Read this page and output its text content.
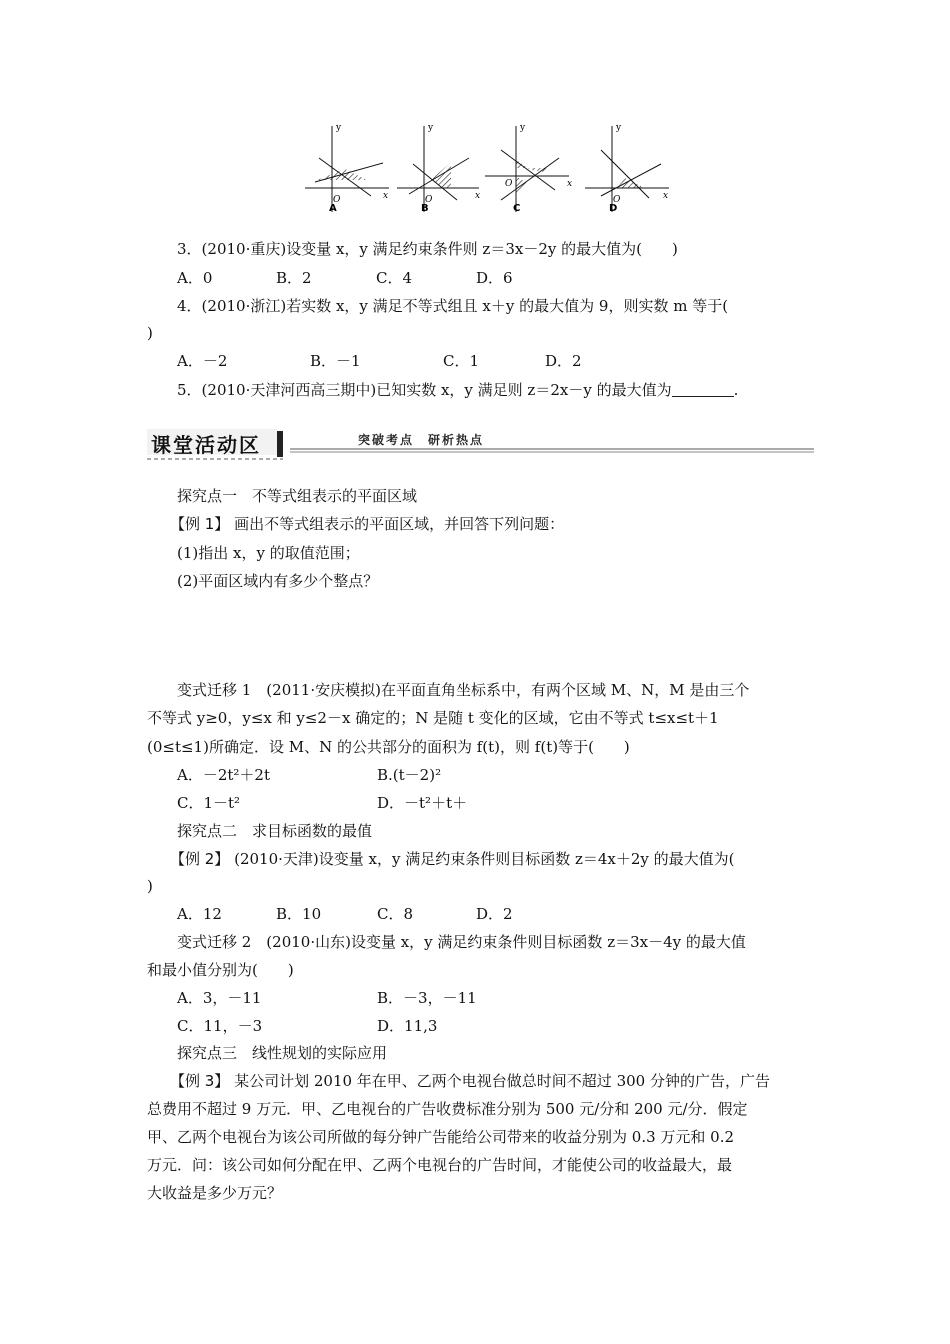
y
x
O
y
x
O
y
x
O
y
x
O
A	B	C	D
3．(2010·重庆)设变量 x，y 满足约束条件则 z＝3x－2y 的最大值为(　　)
A．0	B．2	C．4	D．6
4．(2010·浙江)若实数 x，y 满足不等式组且 x＋y 的最大值为 9，则实数 m 等于(
)
A．－2	B．－1	C．1	D．2
5．(2010·天津河西高三期中)已知实数 x，y 满足则 z＝2x－y 的最大值为	.
课堂活动区	突破考点　研析热点
探究点一　不等式组表示的平面区域
【例 1】 画出不等式组表示的平面区域，并回答下列问题：
(1)指出 x，y 的取值范围；
(2)平面区域内有多少个整点？
变式迁移 1　(2011·安庆模拟)在平面直角坐标系中，有两个区域 M、N，M 是由三个
不等式 y≥0，y≤x 和 y≤2－x 确定的；N 是随 t 变化的区域，它由不等式 t≤x≤t＋1
(0≤t≤1)所确定．设 M、N 的公共部分的面积为 f(t)，则 f(t)等于(　　)
A．－2t²＋2t	B.(t－2)²
C．1－t²	D．－t²＋t＋
探究点二　求目标函数的最值
【例 2】 (2010·天津)设变量 x，y 满足约束条件则目标函数 z＝4x＋2y 的最大值为(
)
A．12	B．10	C．8	D．2
变式迁移 2　(2010·山东)设变量 x，y 满足约束条件则目标函数 z＝3x－4y 的最大值
和最小值分别为(　　)
A．3，－11	B．－3，－11
C．11，－3	D．11,3
探究点三　线性规划的实际应用
【例 3】 某公司计划 2010 年在甲、乙两个电视台做总时间不超过 300 分钟的广告，广告
总费用不超过 9 万元．甲、乙电视台的广告收费标准分别为 500 元/分和 200 元/分．假定
甲、乙两个电视台为该公司所做的每分钟广告能给公司带来的收益分别为 0.3 万元和 0.2
万元．问：该公司如何分配在甲、乙两个电视台的广告时间，才能使公司的收益最大，最
大收益是多少万元？
